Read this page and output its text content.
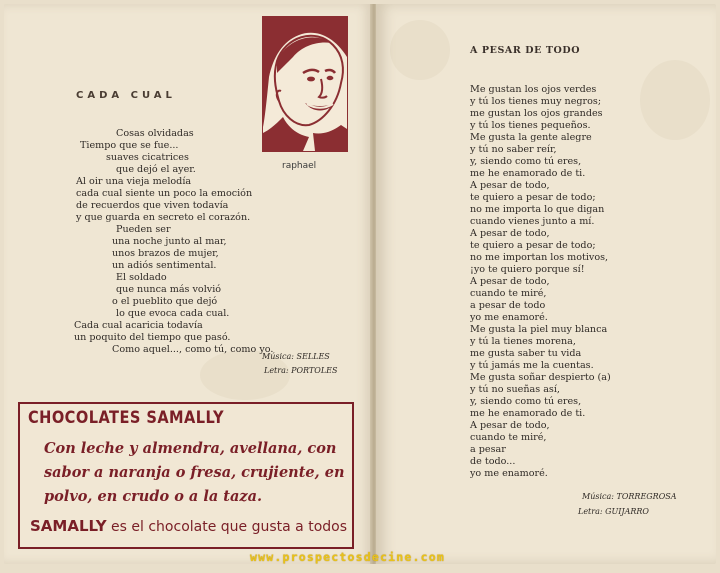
CADA CUAL
raphael
Cosas olvidadas
Tiempo que se fue...
suaves cicatrices
que dejó el ayer.
Al oir una vieja melodía
cada cual siente un poco la emoción
de recuerdos que viven todavía
y que guarda en secreto el corazón.
Pueden ser
una noche junto al mar,
unos brazos de mujer,
un adiós sentimental.
El soldado
que nunca más volvió
o el pueblito que dejó
lo que evoca cada cual.
Cada cual acaricia todavía
un poquito del tiempo que pasó.
Como aquel..., como tú, como yo.
Música: SELLES
Letra: PORTOLES
CHOCOLATES SAMALLY
Con leche y almendra, avellana, con
sabor a naranja o fresa, crujiente, en
polvo, en crudo o a la taza.
SAMALLY es el chocolate que gusta a todos
A PESAR DE TODO
Me gustan los ojos verdes
y tú los tienes muy negros;
me gustan los ojos grandes
y tú los tienes pequeños.
Me gusta la gente alegre
y tú no saber reír,
y, siendo como tú eres,
me he enamorado de ti.
A pesar de todo,
te quiero a pesar de todo;
no me importa lo que digan
cuando vienes junto a mí.
A pesar de todo,
te quiero a pesar de todo;
no me importan los motivos,
¡yo te quiero porque sí!
A pesar de todo,
cuando te miré,
a pesar de todo
yo me enamoré.
Me gusta la piel muy blanca
y tú la tienes morena,
me gusta saber tu vida
y tú jamás me la cuentas.
Me gusta soñar despierto (a)
y tú no sueñas así,
y, siendo como tú eres,
me he enamorado de ti.
A pesar de todo,
cuando te miré,
a pesar
de todo...
yo me enamoré.
Música: TORREGROSA
Letra: GUIJARRO
www.prospectosdecine.com
